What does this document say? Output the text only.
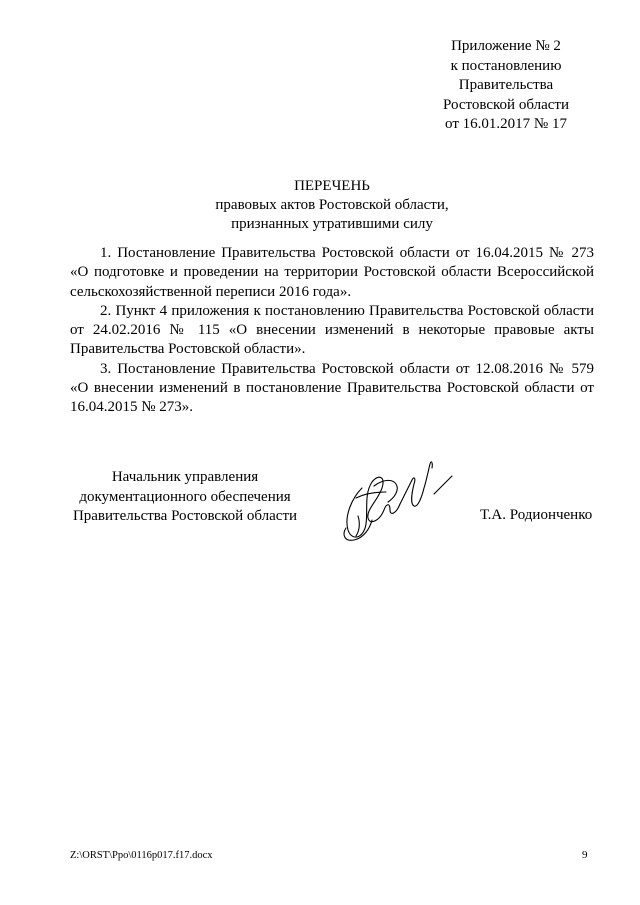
Приложение № 2
к постановлению
Правительства
Ростовской области
от 16.01.2017 № 17
ПЕРЕЧЕНЬ
правовых актов Ростовской области,
признанных утратившими силу

1. Постановление Правительства Ростовской области от 16.04.2015 № 273 «О подготовке и проведении на территории Ростовской области Всероссийской сельскохозяйственной переписи 2016 года».

2. Пункт 4 приложения к постановлению Правительства Ростовской области от 24.02.2016 № 115 «О внесении изменений в некоторые правовые акты Правительства Ростовской области».

3. Постановление Правительства Ростовской области от 12.08.2016 № 579 «О внесении изменений в постановление Правительства Ростовской области от 16.04.2015 № 273».

Начальник управления
документационного обеспечения
Правительства Ростовской области	Т.А. Родионченко
Z:\ORST\Ppo\0116p017.f17.docx	9
